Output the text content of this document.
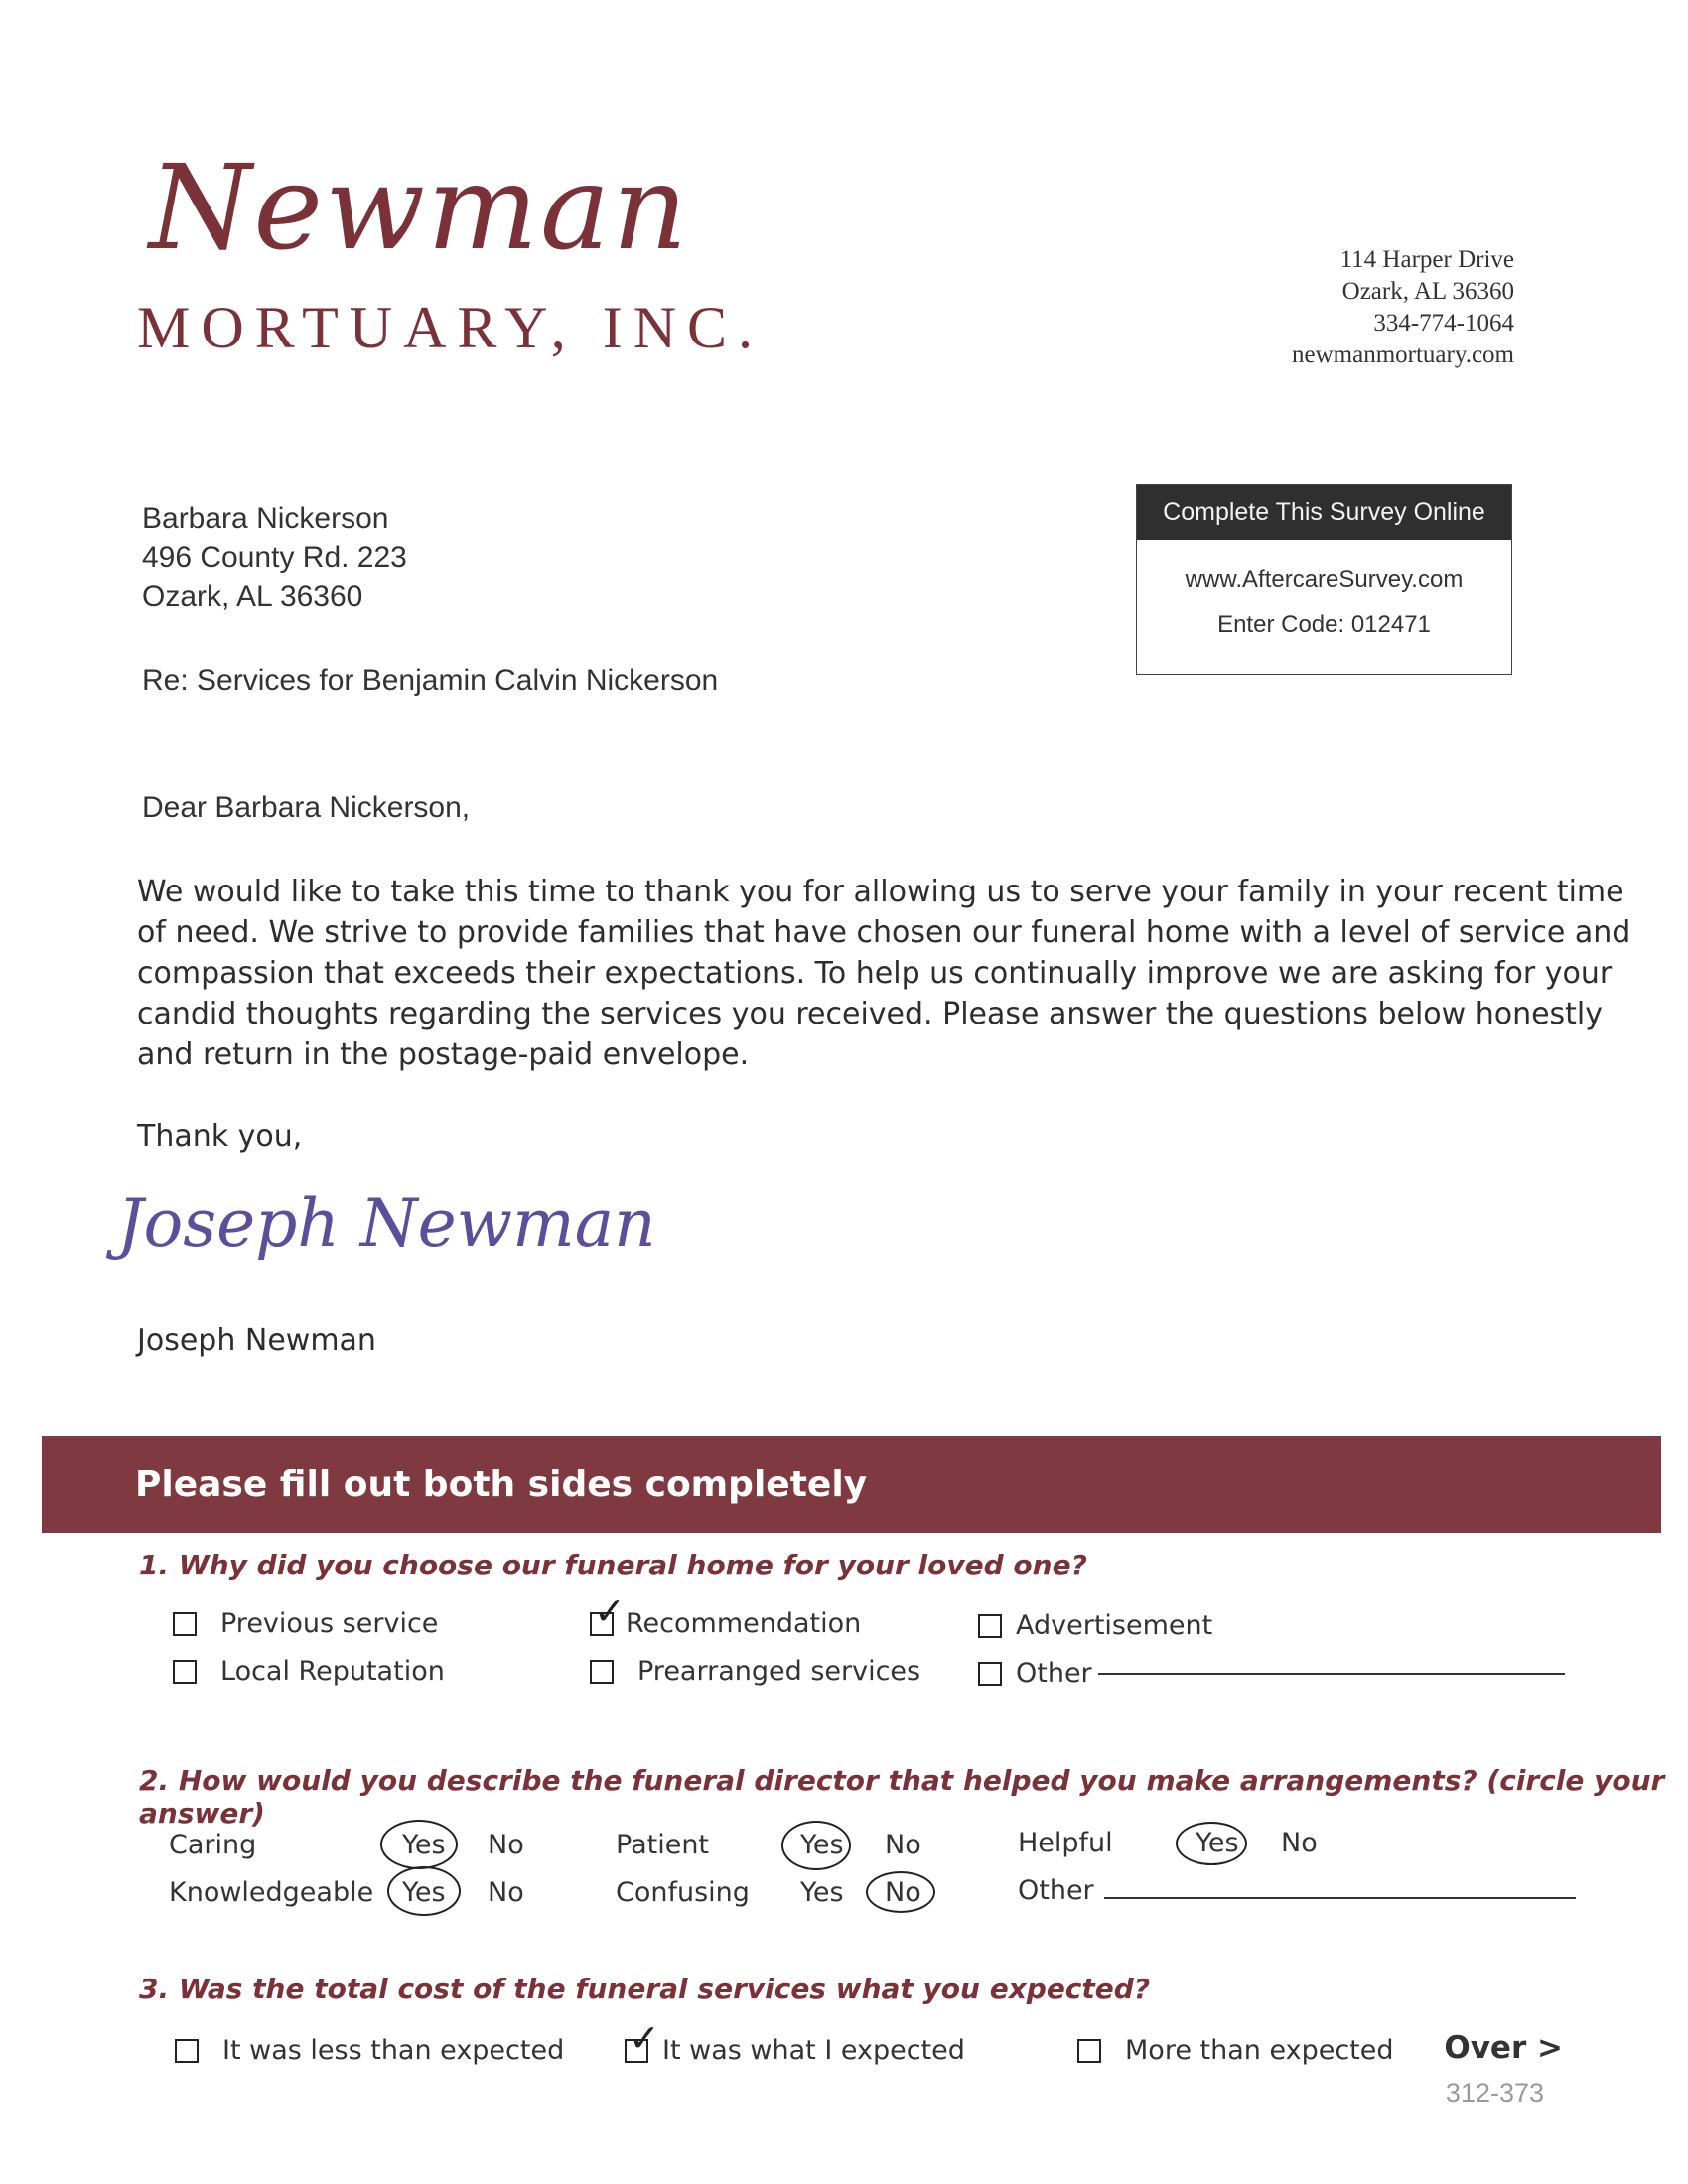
Newman
MORTUARY, INC.
114 Harper Drive
Ozark, AL 36360
334-774-1064
newmanmortuary.com
Barbara Nickerson
496 County Rd. 223
Ozark, AL 36360
Re: Services for Benjamin Calvin Nickerson
Complete This Survey Online
www.AftercareSurvey.com
Enter Code: 012471
Dear Barbara Nickerson,
We would like to take this time to thank you for allowing us to serve your family in your recent time
of need. We strive to provide families that have chosen our funeral home with a level of service and
compassion that exceeds their expectations. To help us continually improve we are asking for your
candid thoughts regarding the services you received. Please answer the questions below honestly
and return in the postage-paid envelope.
Thank you,
Joseph Newman
Joseph Newman
Please fill out both sides completely
1. Why did you choose our funeral home for your loved one?
Previous service
Local Reputation
✓ Recommendation
Prearranged services
Advertisement
Other
2. How would you describe the funeral director that helped you make arrangements? (circle your answer)
Caring	Yes No
Knowledgeable Yes No
Patient	Yes No
Confusing Yes No
Helpful	Yes No
Other
3. Was the total cost of the funeral services what you expected?
It was less than expected ✓ It was what I expected	More than expected Over >
312-373
